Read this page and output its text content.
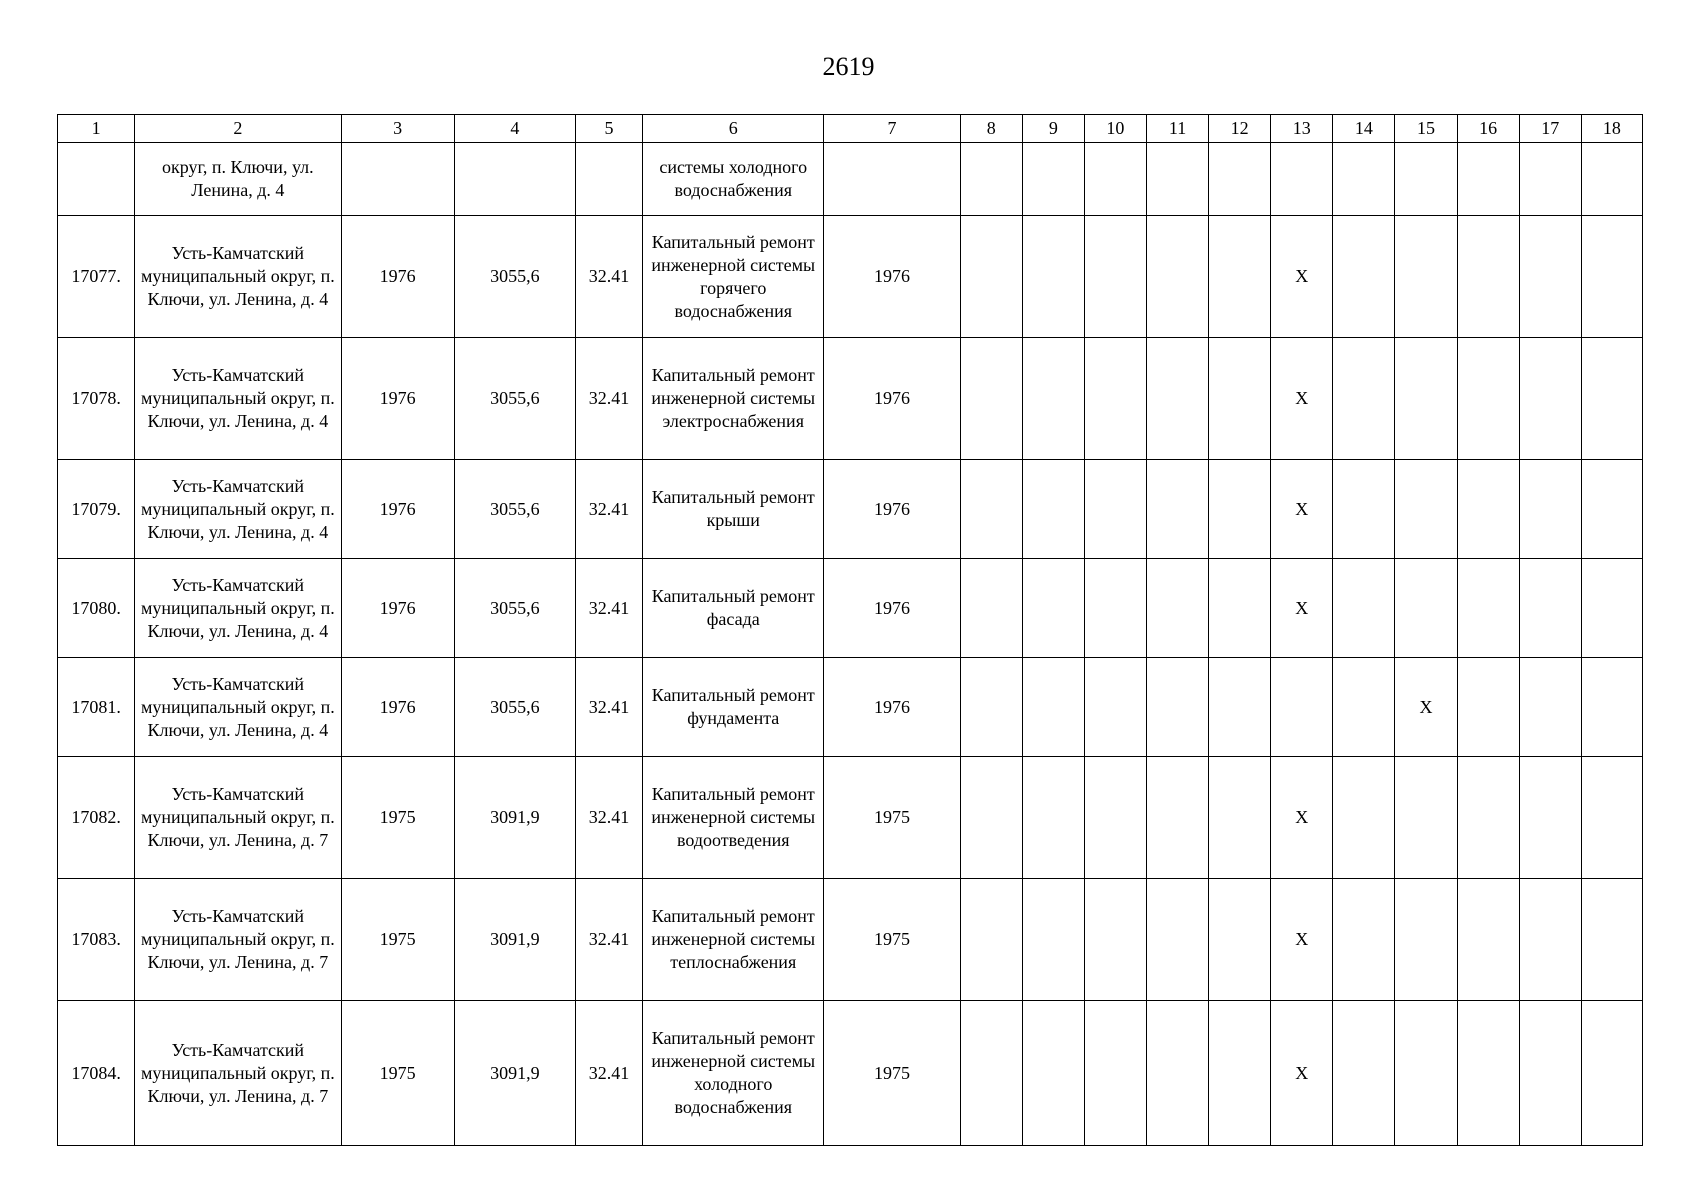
2619
1	2	3	4	5	6	7	8	9	10	11	12	13	14	15	16	17	18
	округ, п. Ключи, ул. Ленина, д. 4				системы холодного водоснабжения												
17077.	Усть-Камчатский муниципальный округ, п. Ключи, ул. Ленина, д. 4	1976	3055,6	32.41	Капитальный ремонт инженерной системы горячего водоснабжения	1976						X					
17078.	Усть-Камчатский муниципальный округ, п. Ключи, ул. Ленина, д. 4	1976	3055,6	32.41	Капитальный ремонт инженерной системы электроснабжения	1976						X					
17079.	Усть-Камчатский муниципальный округ, п. Ключи, ул. Ленина, д. 4	1976	3055,6	32.41	Капитальный ремонт крыши	1976						X					
17080.	Усть-Камчатский муниципальный округ, п. Ключи, ул. Ленина, д. 4	1976	3055,6	32.41	Капитальный ремонт фасада	1976						X					
17081.	Усть-Камчатский муниципальный округ, п. Ключи, ул. Ленина, д. 4	1976	3055,6	32.41	Капитальный ремонт фундамента	1976								X			
17082.	Усть-Камчатский муниципальный округ, п. Ключи, ул. Ленина, д. 7	1975	3091,9	32.41	Капитальный ремонт инженерной системы водоотведения	1975						X					
17083.	Усть-Камчатский муниципальный округ, п. Ключи, ул. Ленина, д. 7	1975	3091,9	32.41	Капитальный ремонт инженерной системы теплоснабжения	1975						X					
17084.	Усть-Камчатский муниципальный округ, п. Ключи, ул. Ленина, д. 7	1975	3091,9	32.41	Капитальный ремонт инженерной системы холодного водоснабжения	1975						X					
